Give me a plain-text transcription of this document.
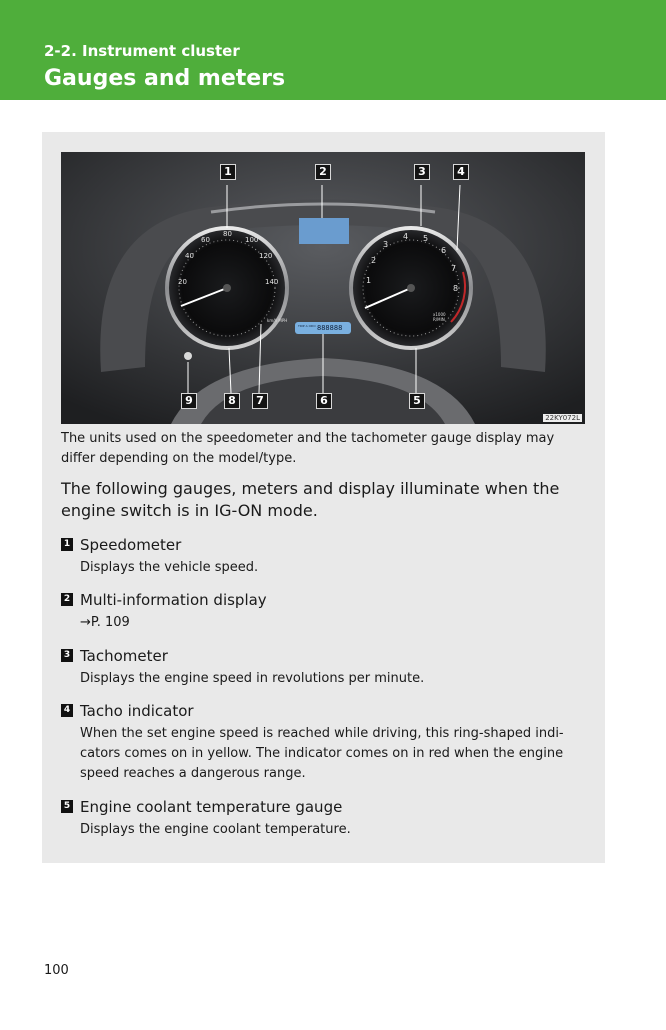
2-2. Instrument cluster
Gauges and meters
20
40
60
80
100
120
140	1
2
3
4 5
6
7
8
km/h MPH
x1000 R/MIN
TRIP A ODO 888888
1	2	3	4
5
6
7
8
9
22KY072L
The units used on the speedometer and the tachometer gauge display may differ depending on the model/type.
The following gauges, meters and display illuminate when the engine switch is in IG-ON mode.
1 Speedometer
Displays the vehicle speed.
2 Multi-information display
→P. 109
3 Tachometer
Displays the engine speed in revolutions per minute.
4 Tacho indicator
When the set engine speed is reached while driving, this ring-shaped indi-cators comes on in yellow. The indicator comes on in red when the engine speed reaches a dangerous range.
5 Engine coolant temperature gauge
Displays the engine coolant temperature.
100
